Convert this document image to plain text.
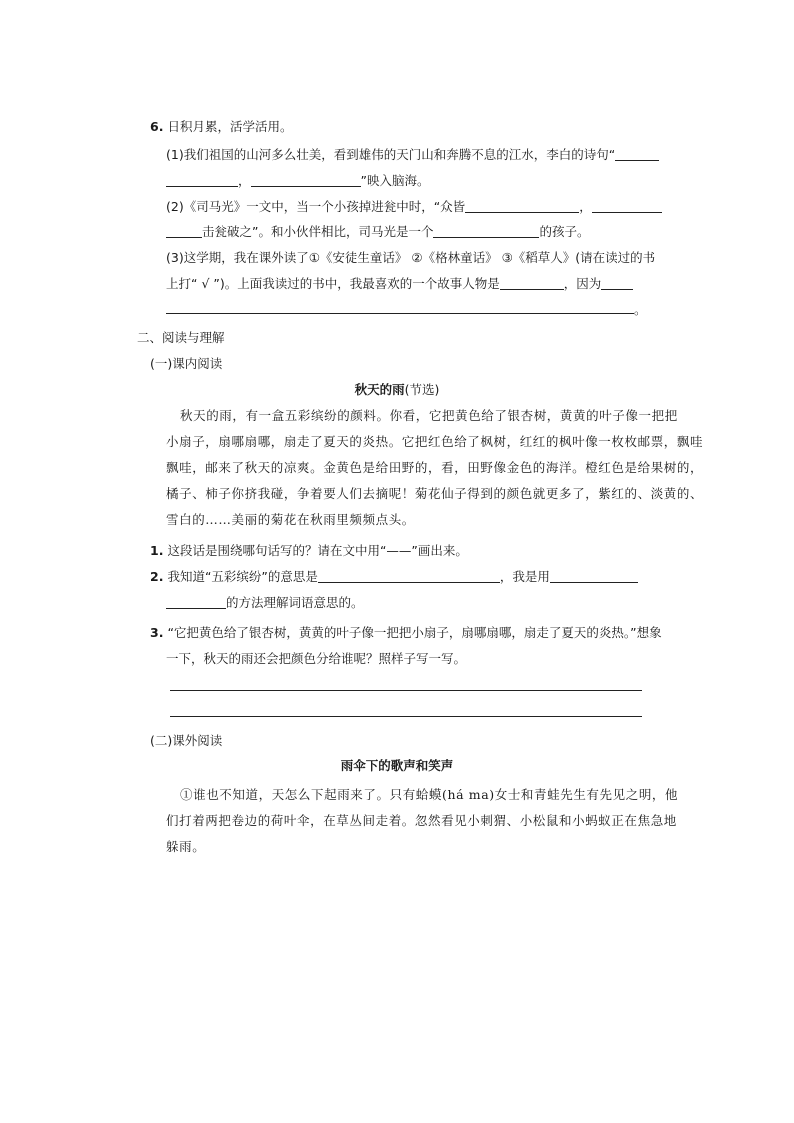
6. 日积月累，活学活用。
(1)我们祖国的山河多么壮美，看到雄伟的天门山和奔腾不息的江水，李白的诗句“
，	”映入脑海。
(2)《司马光》一文中，当一个小孩掉进瓮中时，“众皆	，
击瓮破之”。和小伙伴相比，司马光是一个	的孩子。
(3)这学期，我在课外读了①《安徒生童话》 ②《格林童话》 ③《稻草人》(请在读过的书
上打“ √ ”)。上面我读过的书中，我最喜欢的一个故事人物是	，因为
。
二、阅读与理解
(一)课内阅读
秋天的雨(节选)
秋天的雨，有一盒五彩缤纷的颜料。你看，它把黄色给了银杏树，黄黄的叶子像一把把
小扇子，扇哪扇哪，扇走了夏天的炎热。它把红色给了枫树，红红的枫叶像一枚枚邮票，飘哇
飘哇，邮来了秋天的凉爽。金黄色是给田野的，看，田野像金色的海洋。橙红色是给果树的，
橘子、柿子你挤我碰，争着要人们去摘呢！菊花仙子得到的颜色就更多了，紫红的、淡黄的、
雪白的……美丽的菊花在秋雨里频频点头。
1. 这段话是围绕哪句话写的？请在文中用“——”画出来。
2. 我知道“五彩缤纷”的意思是	，我是用
的方法理解词语意思的。
3. “它把黄色给了银杏树，黄黄的叶子像一把把小扇子，扇哪扇哪，扇走了夏天的炎热。”想象
一下，秋天的雨还会把颜色分给谁呢？照样子写一写。
(二)课外阅读
雨伞下的歌声和笑声
①谁也不知道，天怎么下起雨来了。只有蛤蟆(há ma)女士和青蛙先生有先见之明，他
们打着两把卷边的荷叶伞，在草丛间走着。忽然看见小刺猬、小松鼠和小蚂蚁正在焦急地
躲雨。
